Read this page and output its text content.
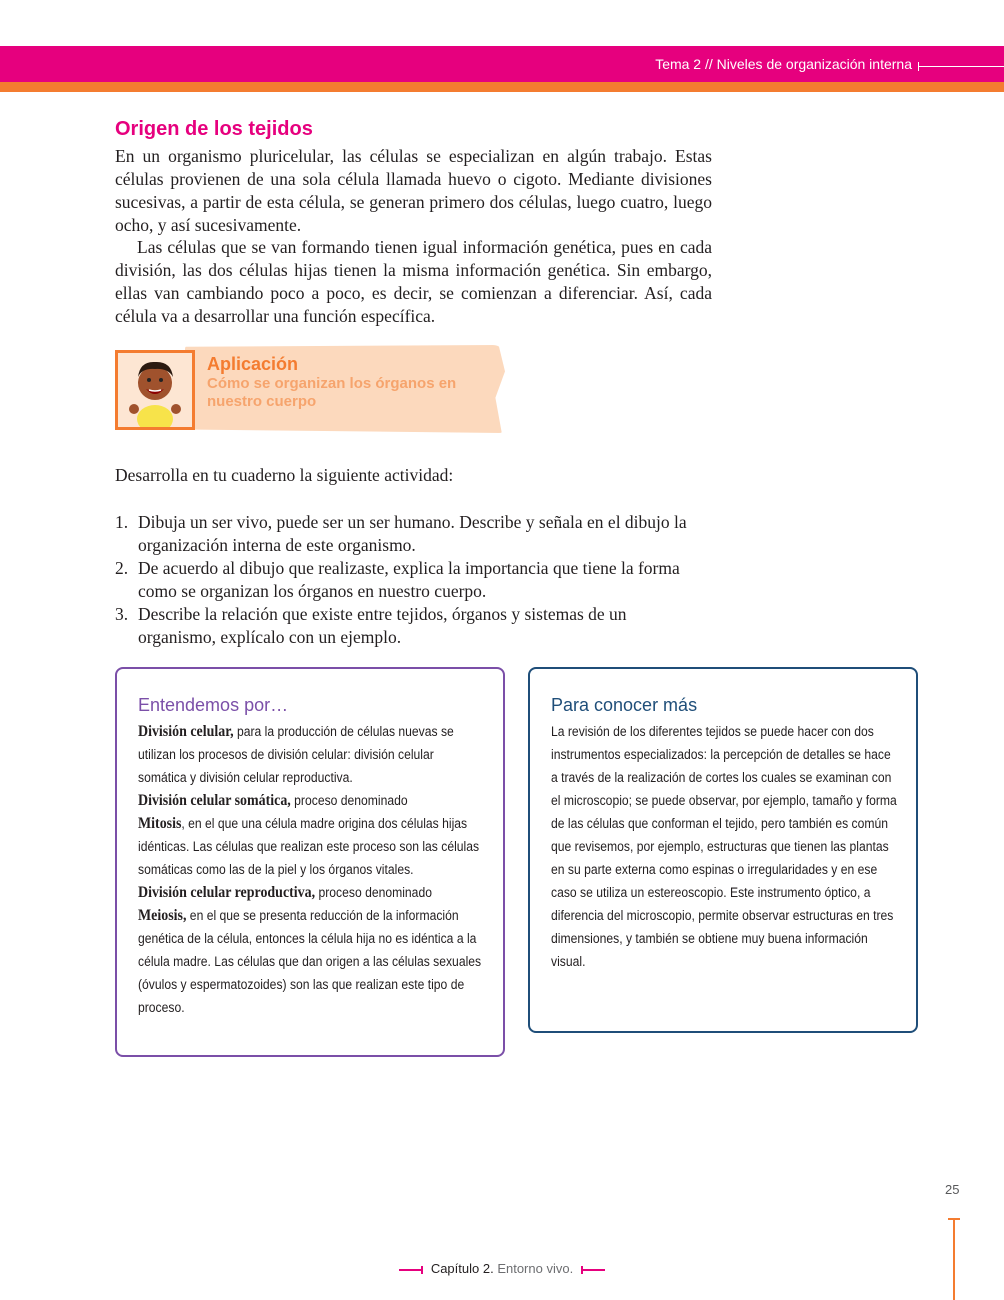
Tema 2 // Niveles de organización interna
Origen de los tejidos

En un organismo pluricelular, las células se especializan en algún trabajo. Estas células provienen de una sola célula llamada huevo o cigoto. Mediante divisiones sucesivas, a partir de esta célula, se generan primero dos células, luego cuatro, luego ocho, y así sucesivamente.

Las células que se van formando tienen igual información genética, pues en cada división, las dos células hijas tienen la misma información genética. Sin embargo, ellas van cambiando poco a poco, es decir, se comienzan a diferenciar. Así, cada célula va a desarrollar una función específica.

Aplicación
Cómo se organizan los órganos en nuestro cuerpo

Desarrolla en tu cuaderno la siguiente actividad:

1. Dibuja un ser vivo, puede ser un ser humano. Describe y señala en el dibujo la organización interna de este organismo.
2. De acuerdo al dibujo que realizaste, explica la importancia que tiene la forma como se organizan los órganos en nuestro cuerpo.
3. Describe la relación que existe entre tejidos, órganos y sistemas de un organismo, explícalo con un ejemplo.
Entendemos por…

División celular, para la producción de células nuevas se utilizan los procesos de división celular: división celular somática y división celular reproductiva.
División celular somática, proceso denominado
Mitosis, en el que una célula madre origina dos células hijas idénticas. Las células que realizan este proceso son las células somáticas como las de la piel y los órganos vitales.
División celular reproductiva, proceso denominado
Meiosis, en el que se presenta reducción de la información genética de la célula, entonces la célula hija no es idéntica a la célula madre. Las células que dan origen a las células sexuales (óvulos y espermatozoides) son las que realizan este tipo de proceso.

Para conocer más

La revisión de los diferentes tejidos se puede hacer con dos instrumentos especializados: la percepción de detalles se hace a través de la realización de cortes los cuales se examinan con el microscopio; se puede observar, por ejemplo, tamaño y forma de las células que conforman el tejido, pero también es común que revisemos, por ejemplo, estructuras que tienen las plantas en su parte externa como espinas o irregularidades y en ese caso se utiliza un estereoscopio. Este instrumento óptico, a diferencia del microscopio, permite observar estructuras en tres dimensiones, y también se obtiene muy buena información visual.

25
Capítulo 2. Entorno vivo.
